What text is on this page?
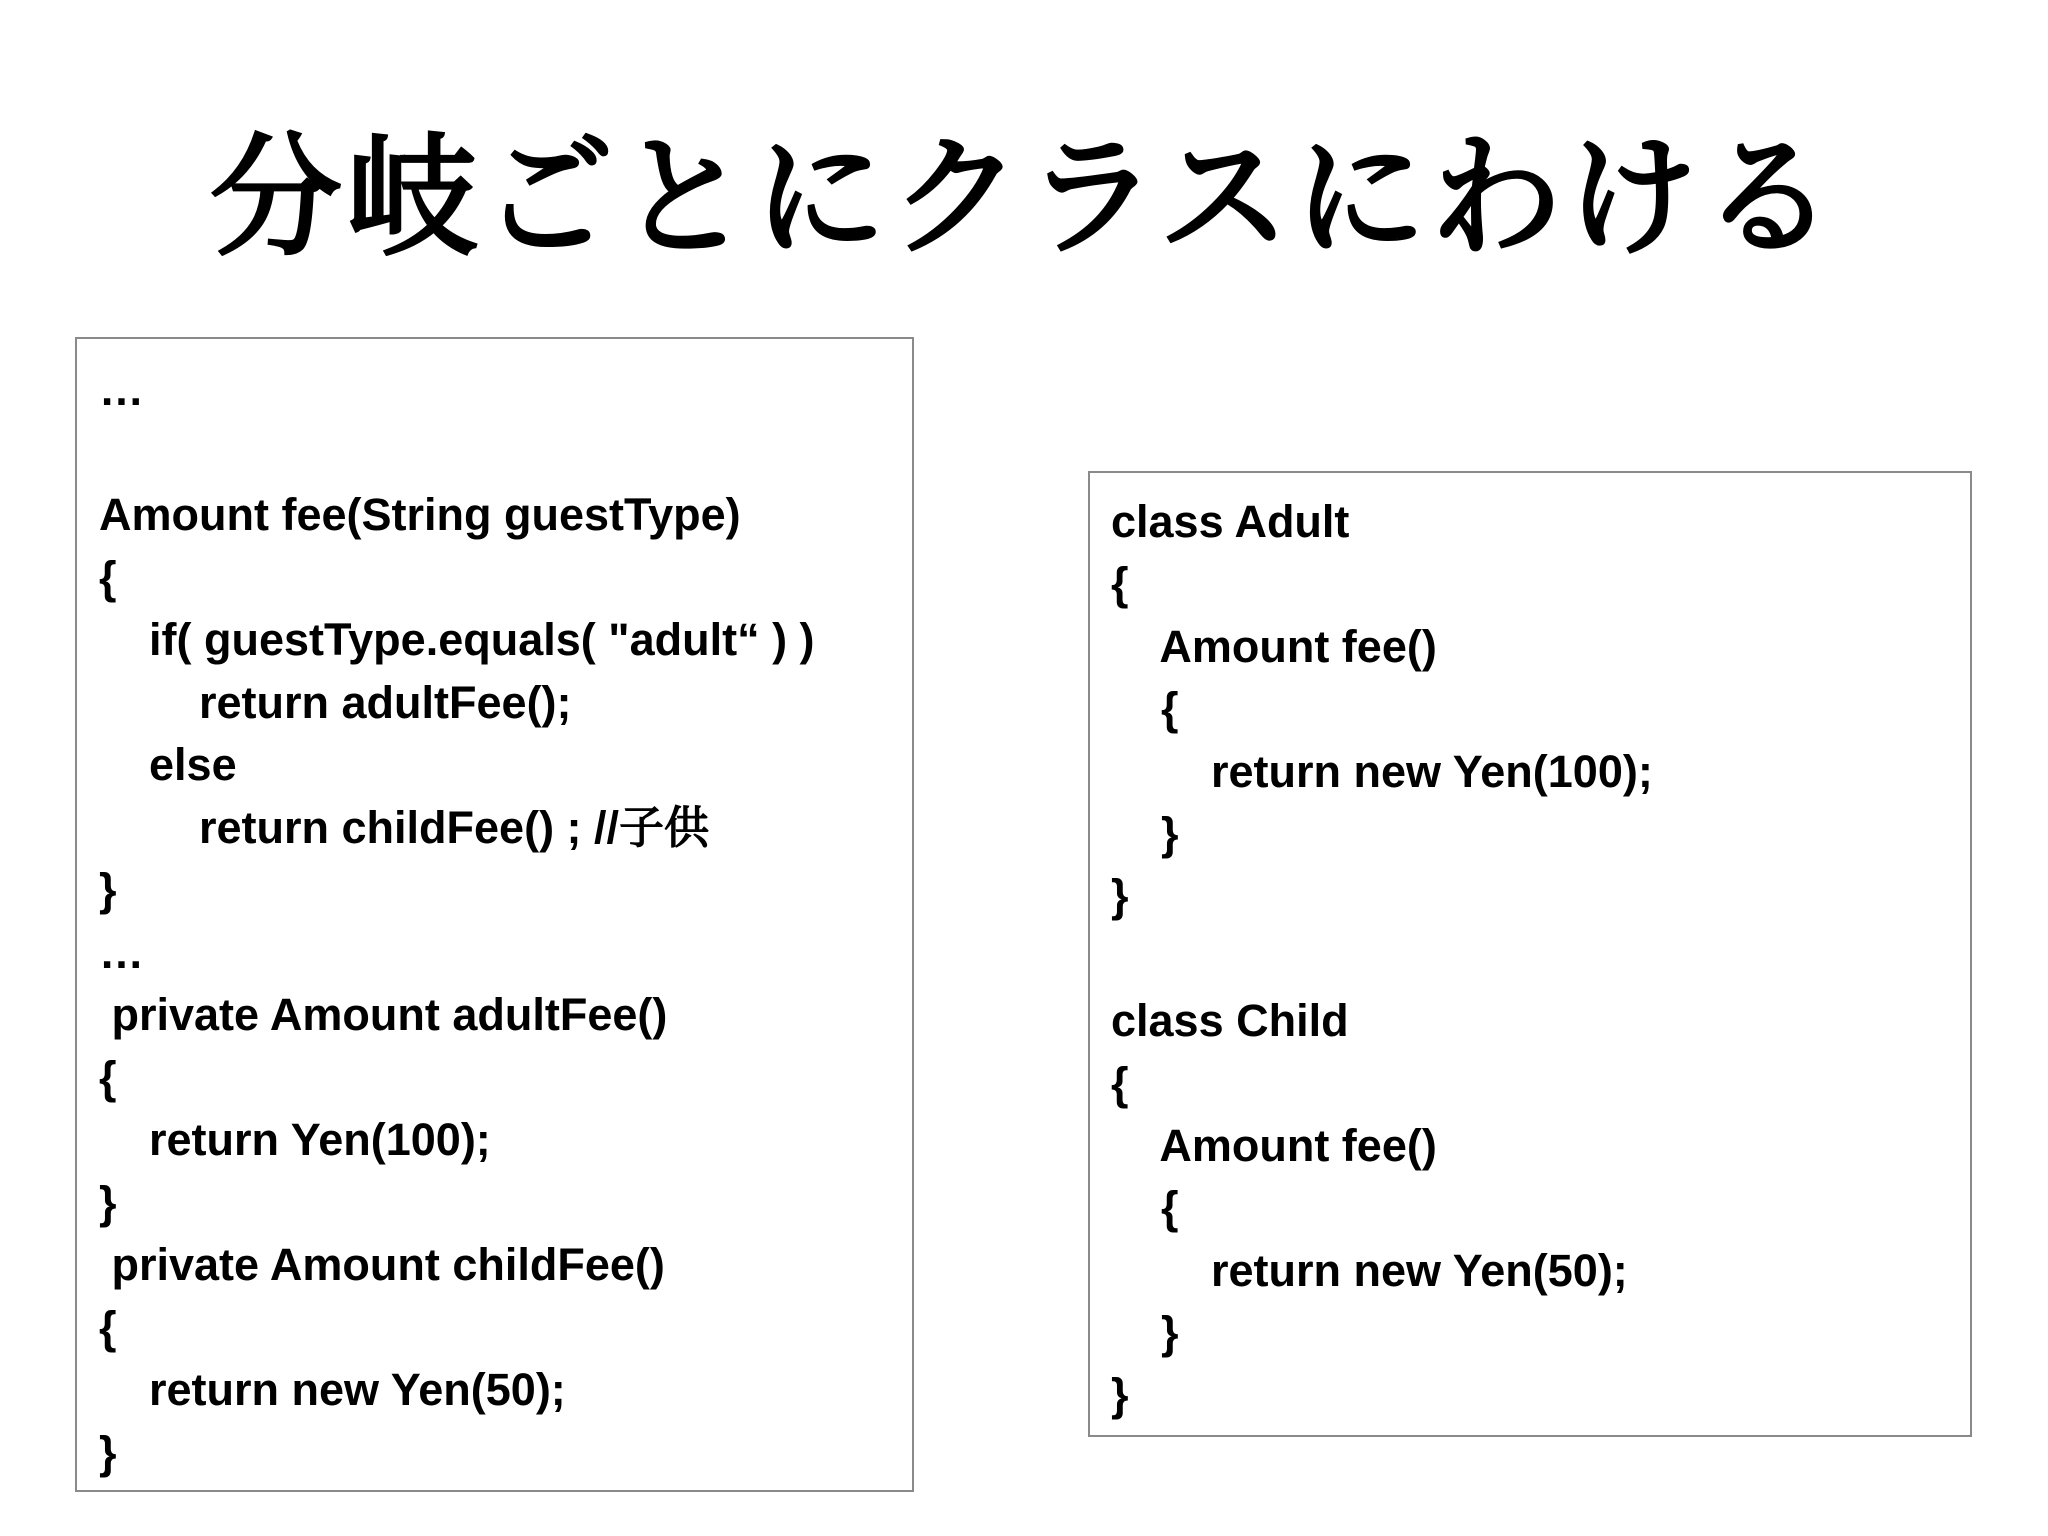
分岐ごとにクラスにわける
…
Amount fee(String guestType)
{
if( guestType.equals( "adult“ ) )
return adultFee();
else
return childFee() ; //子供
}
…
private Amount adultFee()
{
return Yen(100);
}
private Amount childFee()
{
return new Yen(50);
}
class Adult
{
Amount fee()
{
return new Yen(100);
}
}
class Child
{
Amount fee()
{
return new Yen(50);
}
}
